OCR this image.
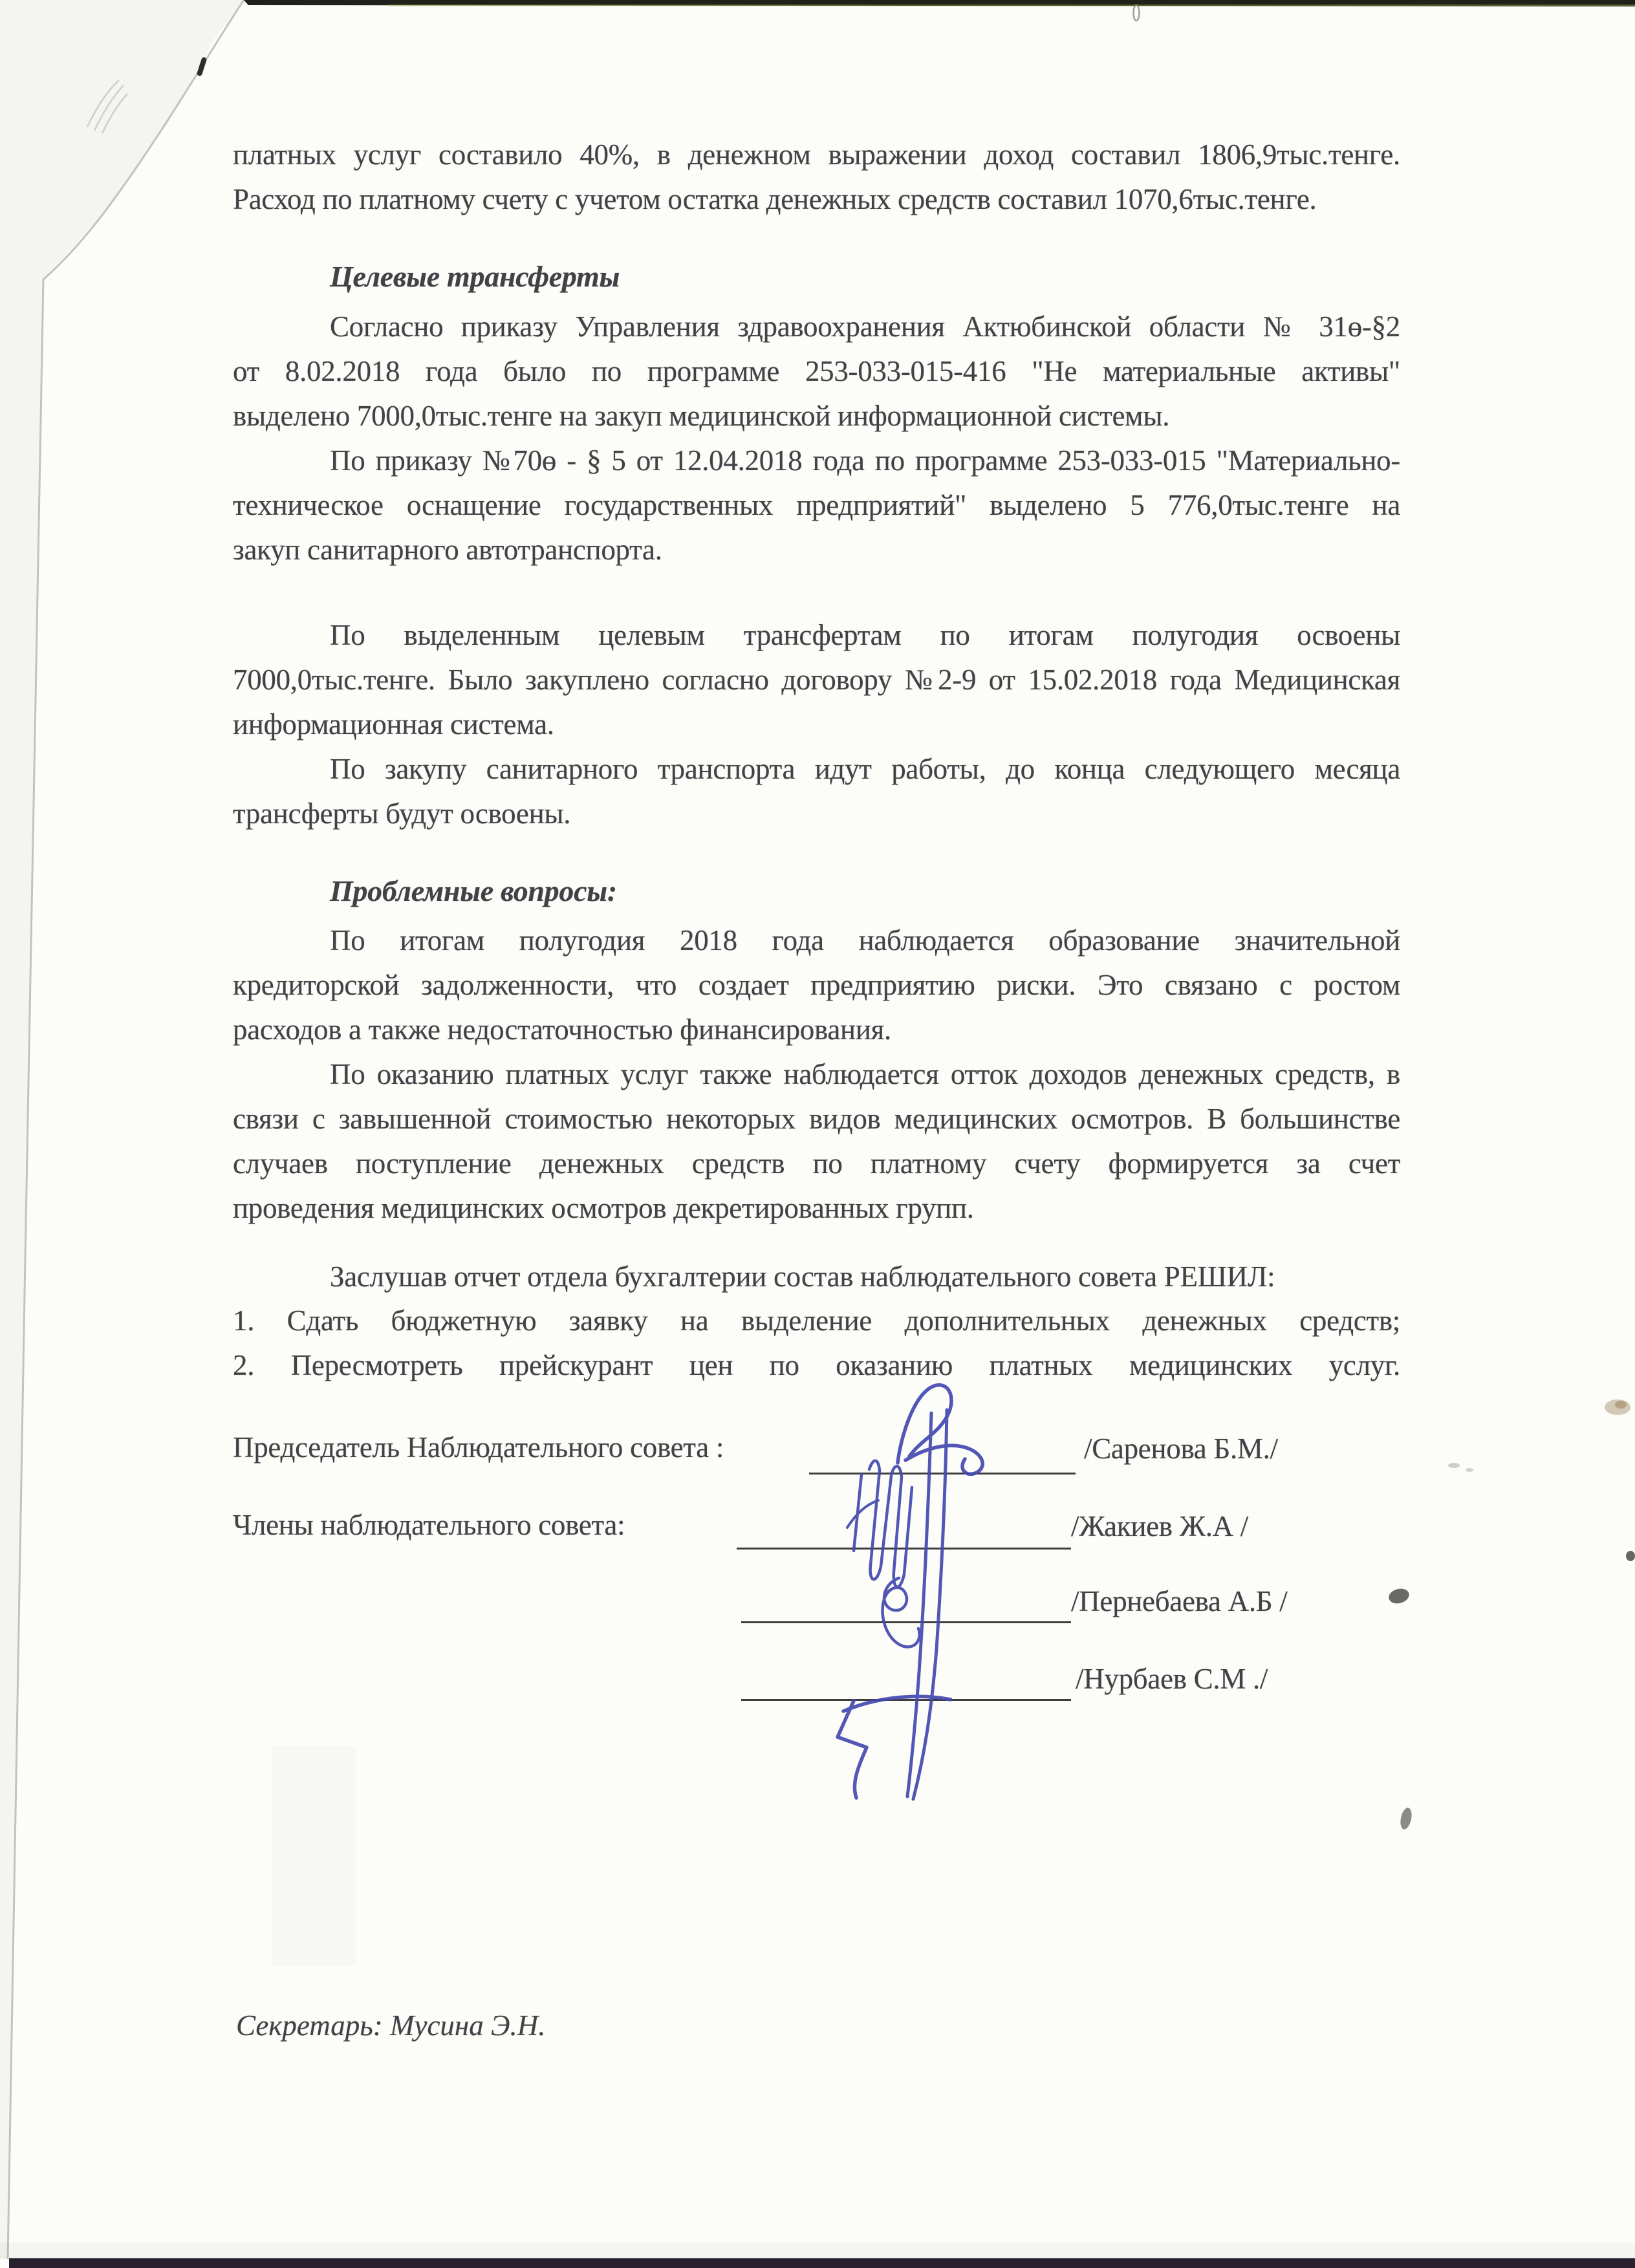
платных услуг составило 40%, в денежном выражении доход составил 1806,9тыс.тенге.
Расход по платному счету с учетом остатка денежных средств составил 1070,6тыс.тенге.
Целевые трансферты
Согласно приказу Управления здравоохранения Актюбинской области № 31ө-§2
от 8.02.2018 года было по программе 253-033-015-416 "Не материальные активы"
выделено 7000,0тыс.тенге на закуп медицинской информационной системы.
По приказу №70ө - § 5 от 12.04.2018 года по программе 253-033-015 "Материально-
техническое оснащение государственных предприятий" выделено 5 776,0тыс.тенге на
закуп санитарного автотранспорта.
По выделенным целевым трансфертам по итогам полугодия освоены
7000,0тыс.тенге. Было закуплено согласно договору №2-9 от 15.02.2018 года Медицинская
информационная система.
По закупу санитарного транспорта идут работы, до конца следующего месяца
трансферты будут освоены.
Проблемные вопросы:
По итогам полугодия 2018 года наблюдается образование значительной
кредиторской задолженности, что создает предприятию риски. Это связано с ростом
расходов а также недостаточностью финансирования.
По оказанию платных услуг также наблюдается отток доходов денежных средств, в
связи с завышенной стоимостью некоторых видов медицинских осмотров. В большинстве
случаев поступление денежных средств по платному счету формируется за счет
проведения медицинских осмотров декретированных групп.
Заслушав отчет отдела бухгалтерии состав наблюдательного совета РЕШИЛ:
1. Сдать бюджетную заявку на выделение дополнительных денежных средств;
2. Пересмотреть прейскурант цен по оказанию платных медицинских услуг.
Председатель Наблюдательного совета :	/Саренова Б.М./
Члены наблюдательного совета:	/Жакиев Ж.А /
/Пернебаева А.Б /
/Нурбаев С.М ./
Секретарь: Мусина Э.Н.
